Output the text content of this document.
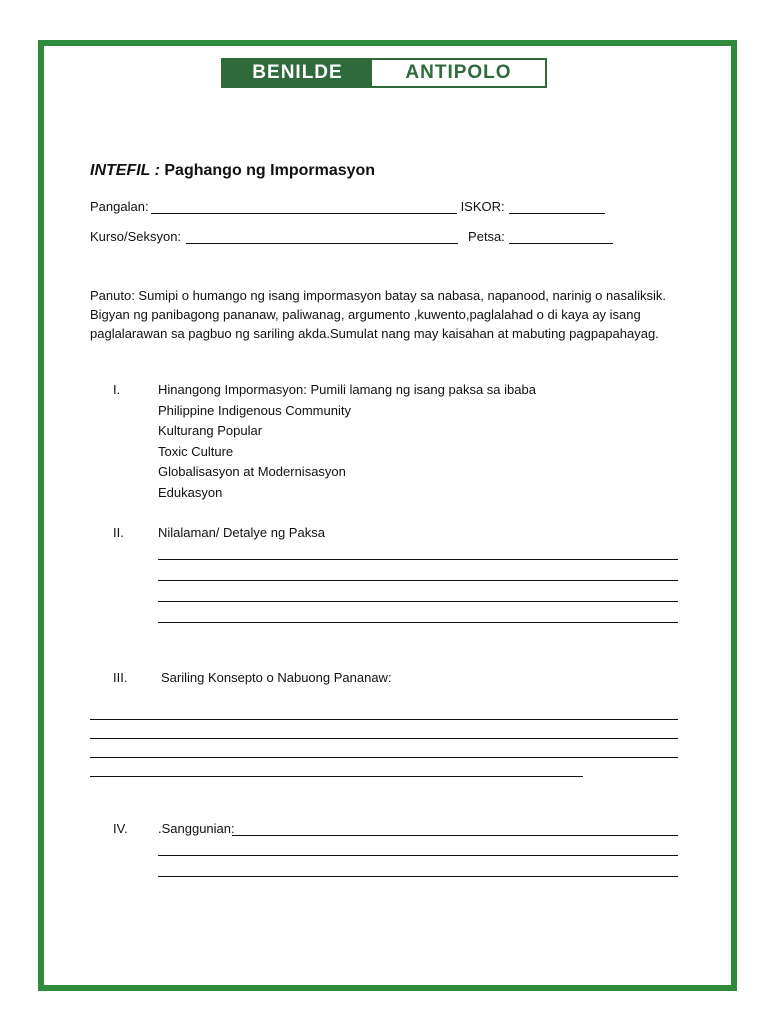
BENILDE	ANTIPOLO
INTEFIL : Paghango ng Impormasyon
Pangalan:	ISKOR:
Kurso/Seksyon:	Petsa:
Panuto: Sumipi o humango ng isang impormasyon batay sa nabasa, napanood, narinig o nasaliksik.
Bigyan ng panibagong pananaw, paliwanag, argumento ,kuwento,paglalahad o di kaya ay isang
paglalarawan sa pagbuo ng sariling akda.Sumulat nang may kaisahan at mabuting pagpapahayag.
I.	Hinangong Impormasyon: Pumili lamang ng isang paksa sa ibaba
Philippine Indigenous Community
Kulturang Popular
Toxic Culture
Globalisasyon at Modernisasyon
Edukasyon
II.	Nilalaman/ Detalye ng Paksa
III.	Sariling Konsepto o Nabuong Pananaw:
IV. .Sanggunian:
